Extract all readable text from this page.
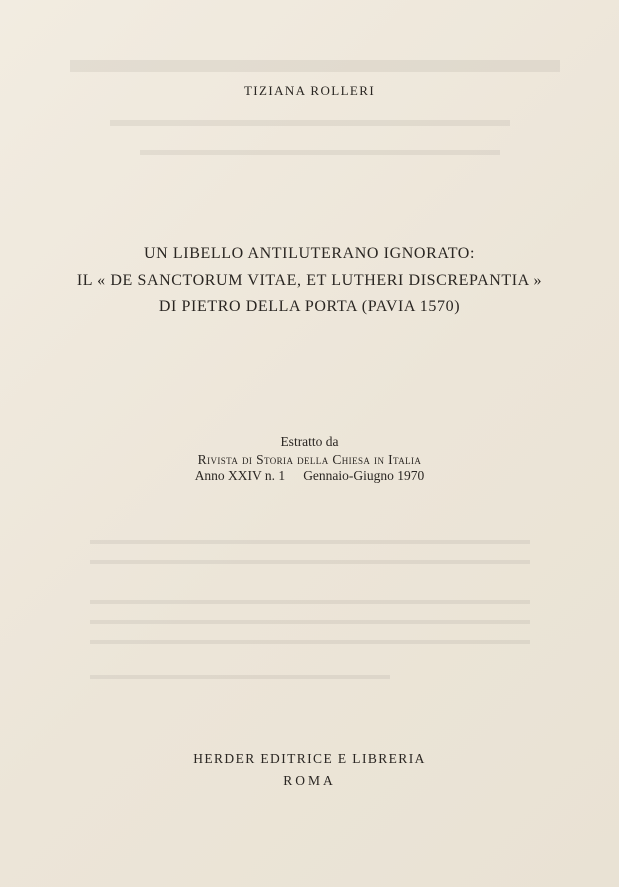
TIZIANA ROLLERI
UN LIBELLO ANTILUTERANO IGNORATO:
IL « DE SANCTORUM VITAE, ET LUTHERI DISCREPANTIA »
DI PIETRO DELLA PORTA (PAVIA 1570)
Estratto da
Rivista di Storia della Chiesa in Italia
Anno XXIV n. 1 Gennaio-Giugno 1970
HERDER EDITRICE E LIBRERIA
ROMA
